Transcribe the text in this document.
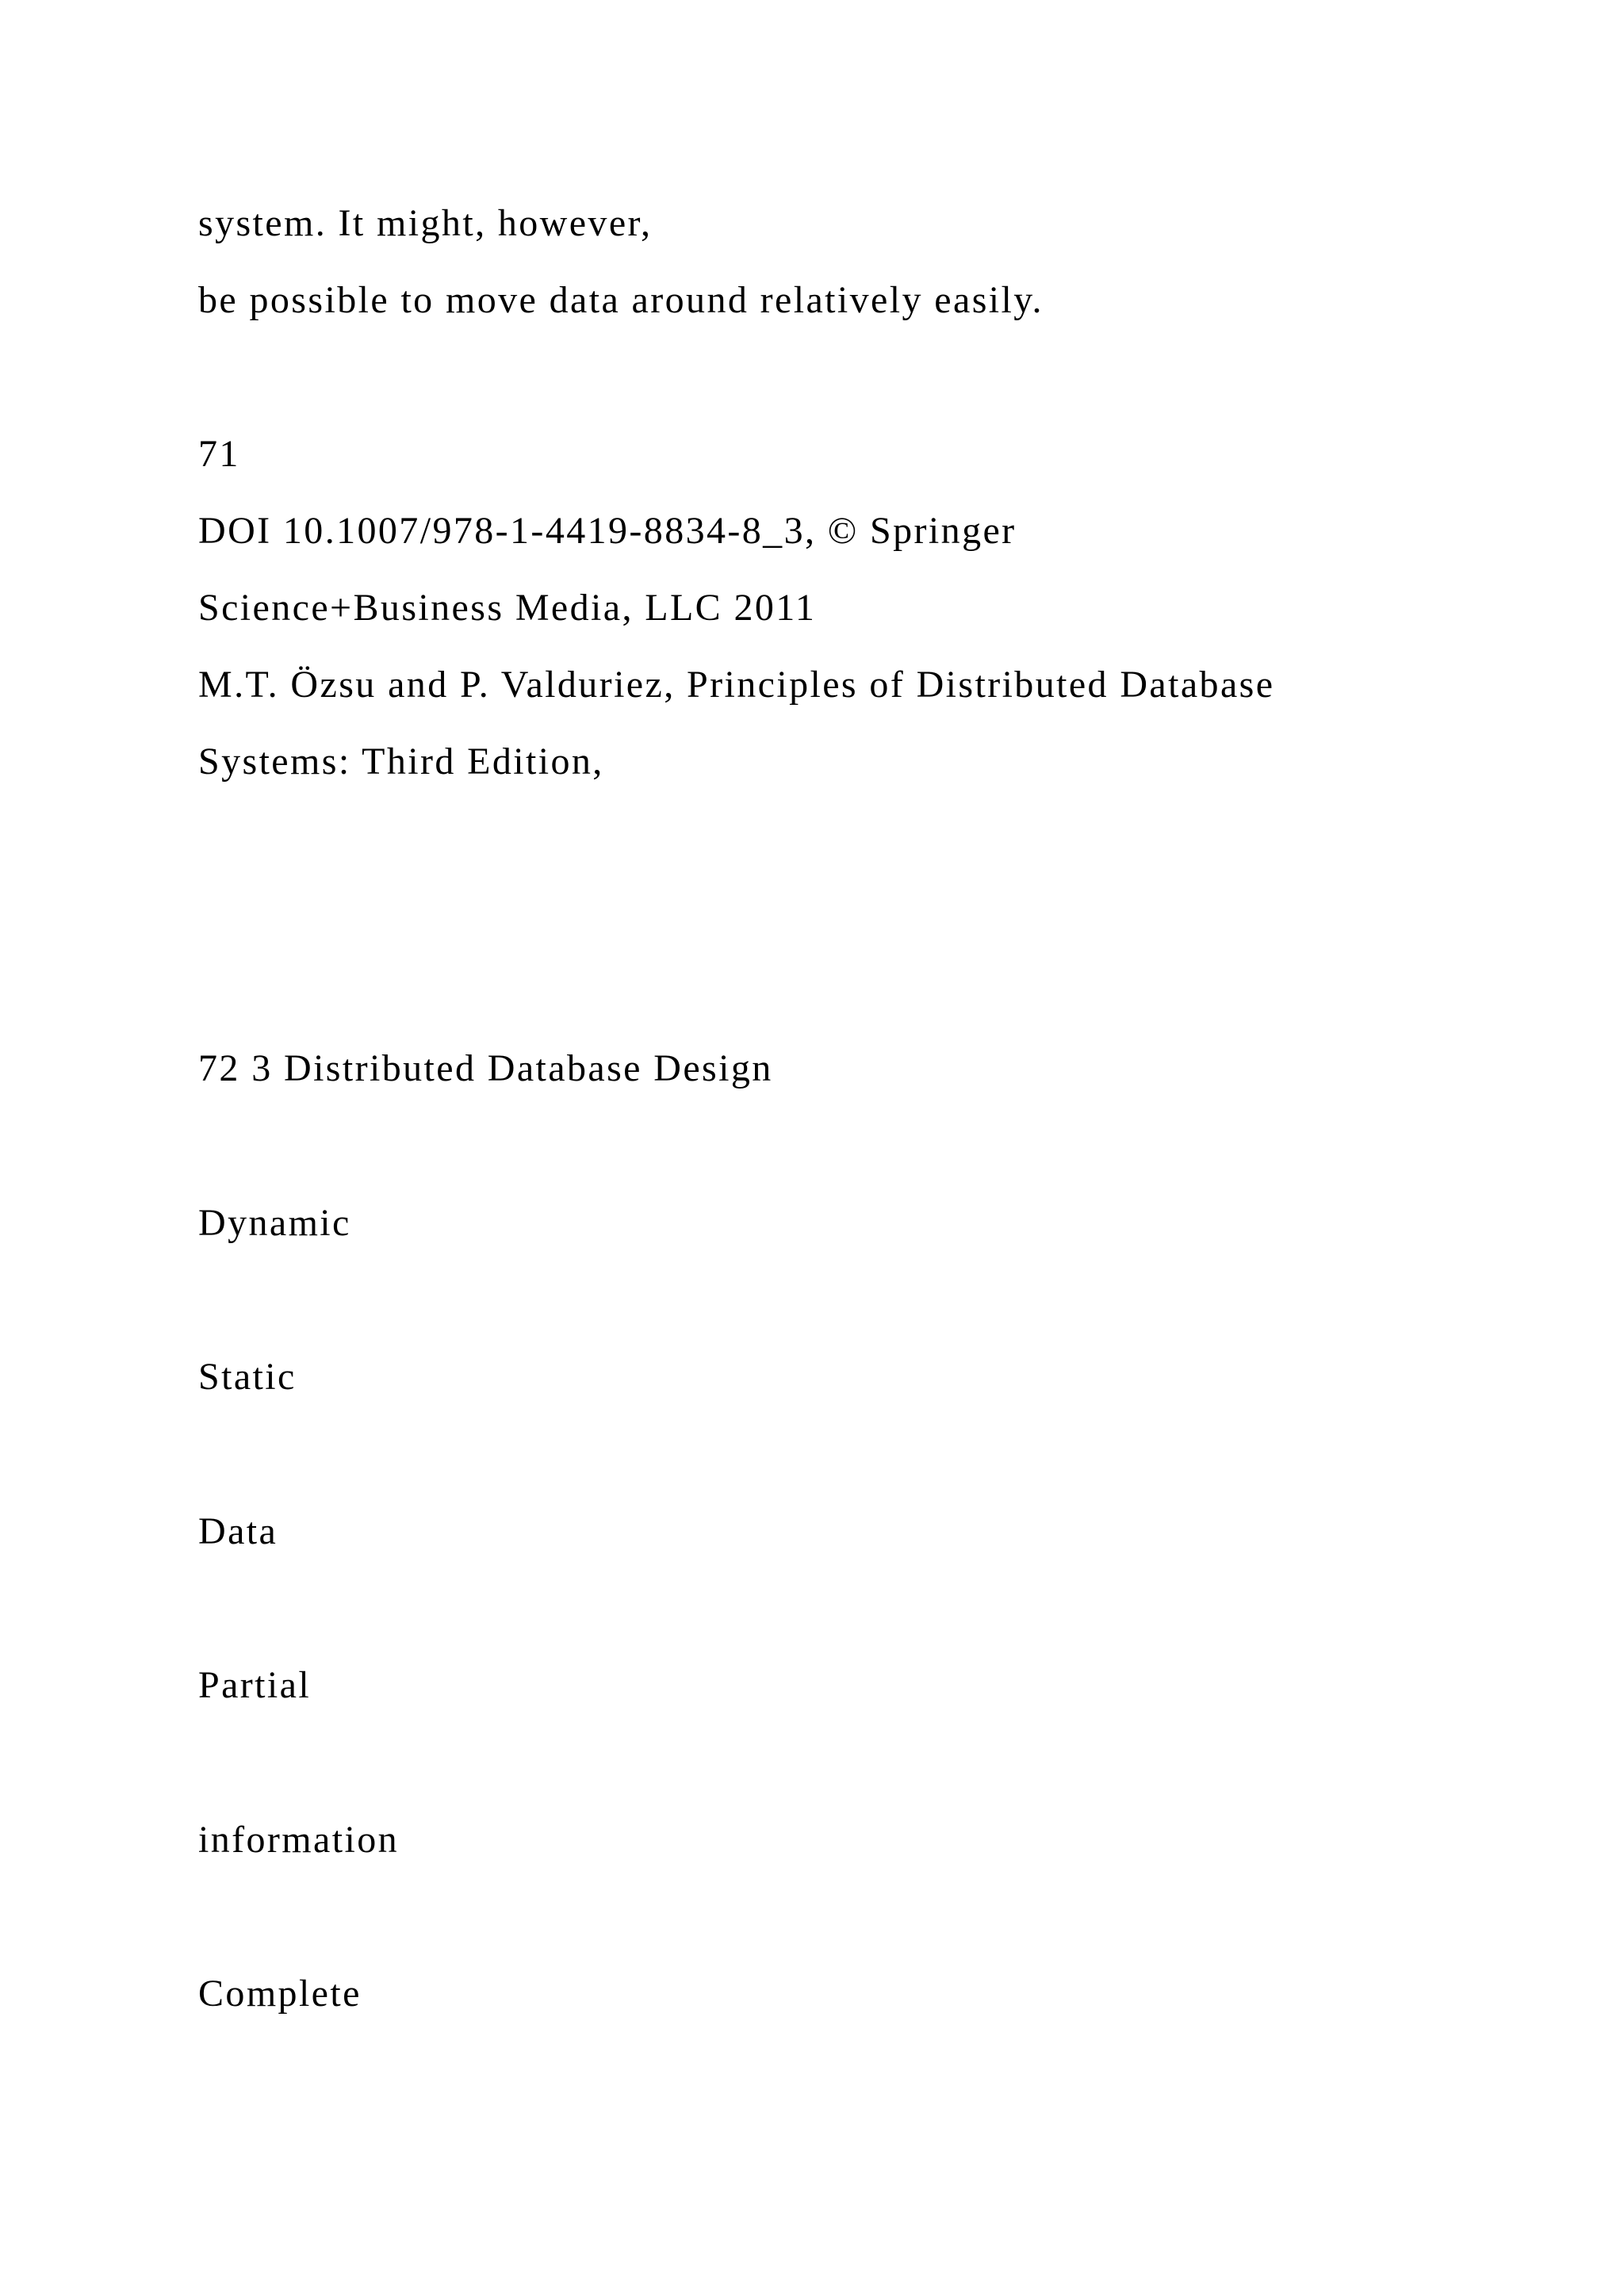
system. It might, however,

be possible to move data around relatively easily.

71

DOI 10.1007/978-1-4419-8834-8_3, © Springer

Science+Business Media, LLC 2011

M.T. Özsu and P. Valduriez, Principles of Distributed Database

Systems: Third Edition,

72 3 Distributed Database Design

Dynamic

Static

Data

Partial

information

Complete
